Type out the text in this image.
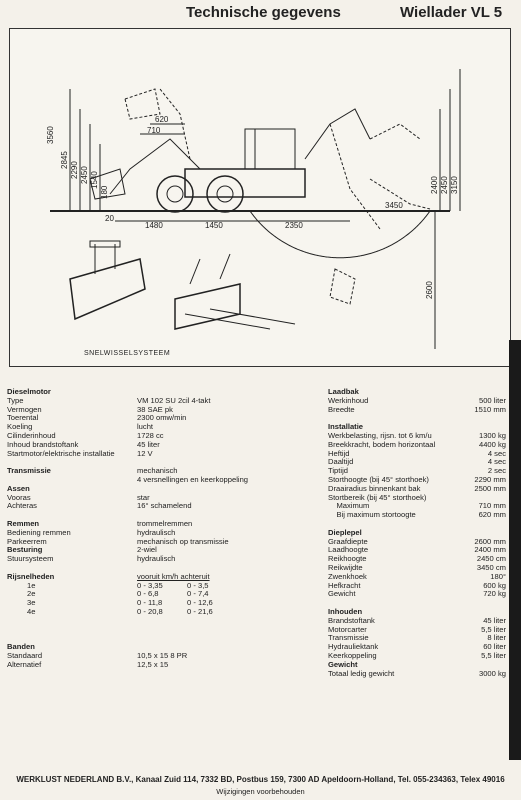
Technische gegevens	Wiellader VL 5
3560
2845
2290 2450 1540
180	2400 2450 3150
2600
620
710
1480	1450	2350
3450
20
SNELWISSELSYSTEEM
Dieselmotor
Type	VM 102 SU 2cil 4-takt
Vermogen	38 SAE pk
Toerental	2300 omw/min
Koeling	lucht
Cilinderinhoud	1728 cc
Inhoud brandstoftank	45 liter
Startmotor/elektrische installatie	12 V
Transmissie	mechanisch
4 versnellingen en keerkoppeling
Assen
Vooras	star
Achteras	16° schamelend
Remmen	trommelremmen
Bediening remmen	hydraulisch
Parkeerrem	mechanisch op transmissie
Besturing	2-wiel
Stuursysteem	hydraulisch
Rijsnelheden	vooruit km/h achteruit
1e	0 - 3,35	0 - 3,5
2e	0 - 6,8	0 - 7,4
3e	0 - 11,8	0 - 12,6
4e	0 - 20,8	0 - 21,6
Banden
Standaard	10,5 x 15 8 PR
Alternatief	12,5 x 15
Laadbak
Werkinhoud	500 liter
Breedte	1510 mm
Installatie
Werkbelasting, rijsn. tot 6 km/u	1300 kg
Breekkracht, bodem horizontaal	4400 kg
Heftijd	4 sec
Daaltijd	4 sec
Tiptijd	2 sec
Storthoogte (bij 45° storthoek)	2290 mm
Draairadius binnenkant bak	2500 mm
Stortbereik (bij 45° storthoek)
Maximum	710 mm
Bij maximum stortoogte	620 mm
Dieplepel
Graafdiepte	2600 mm
Laadhoogte	2400 mm
Reikhoogte	2450 cm
Reikwijdte	3450 cm
Zwenkhoek	180°
Hefkracht	600 kg
Gewicht	720 kg
Inhouden
Brandstoftank	45 liter
Motorcarter	5,5 liter
Transmissie	8 liter
Hydrauliektank	60 liter
Keerkoppeling	5,5 liter
Gewicht
Totaal ledig gewicht	3000 kg
WERKLUST NEDERLAND B.V., Kanaal Zuid 114, 7332 BD, Postbus 159, 7300 AD Apeldoorn-Holland, Tel. 055-234363, Telex 49016
Wijzigingen voorbehouden
